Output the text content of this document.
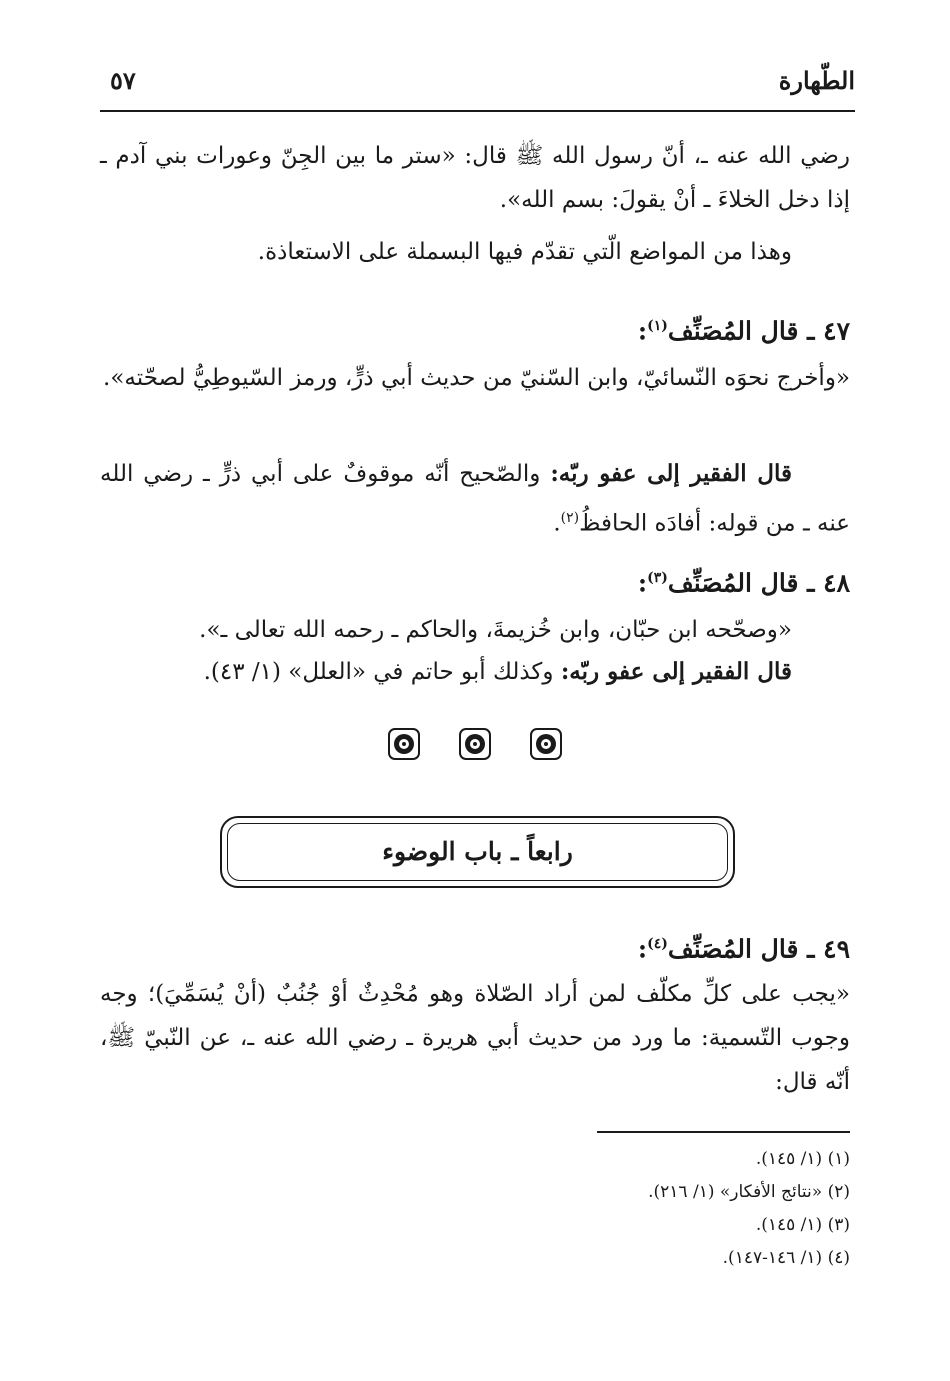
الطّهارة
٥٧
رضي الله عنه ـ، أنّ رسول الله ﷺ قال: «ستر ما بين الجِنّ وعورات بني آدم ـ إذا دخل الخلاءَ ـ أنْ يقولَ: بسم الله».
وهذا من المواضع الّتي تقدّم فيها البسملة على الاستعاذة.
٤٧ ـ قال المُصَنِّف$^{(١)}$:
«وأخرج نحوَه النّسائيّ، وابن السّنيّ من حديث أبي ذرٍّ، ورمز السّيوطِيُّ لصحّته».
قال الفقير إلى عفو ربّه: والصّحيح أنّه موقوفٌ على أبي ذرٍّ ـ رضي الله عنه ـ من قوله: أفادَه الحافظُ$^{(٢)}$.
٤٨ ـ قال المُصَنِّف$^{(٣)}$:
«وصحّحه ابن حبّان، وابن خُزيمةَ، والحاكم ـ رحمه الله تعالى ـ».
قال الفقير إلى عفو ربّه: وكذلك أبو حاتم في «العلل» (١/ ٤٣).

رابعاً ـ باب الوضوء
٤٩ ـ قال المُصَنِّف$^{(٤)}$:
«يجب على كلِّ مكلّف لمن أراد الصّلاة وهو مُحْدِثٌ أوْ جُنُبٌ (أنْ يُسَمِّيَ)؛ وجه وجوب التّسمية: ما ورد من حديث أبي هريرة ـ رضي الله عنه ـ، عن النّبيّ ﷺ، أنّه قال:
(١) (١/ ١٤٥).
(٢) «نتائج الأفكار» (١/ ٢١٦).
(٣) (١/ ١٤٥).
(٤) (١/ ١٤٦-١٤٧).
